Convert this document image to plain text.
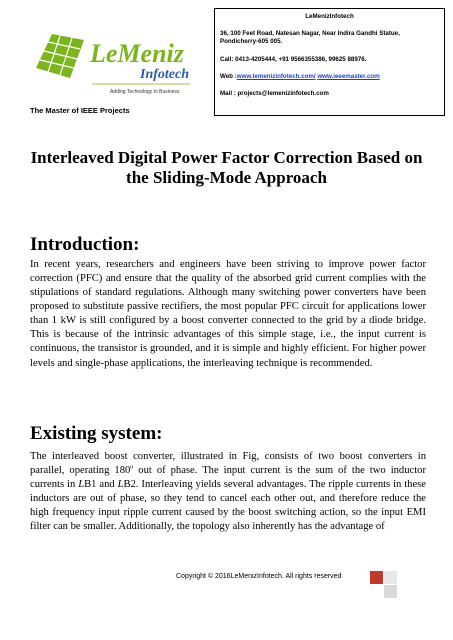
LeMeniz
Infotech
Adding Technology to Business
The Master of IEEE Projects
LeMenizInfotech
36, 100 Feet Road, Natesan Nagar, Near Indira Gandhi Statue, Pondicherry-605 005.
Call: 0413-4205444, +91 9566355386, 99625 88976.
Web :www.lemenizinfotech.com/ www.ieeemaster.com
Mail : projects@lemenizinfotech.com
Interleaved Digital Power Factor Correction Based on the Sliding-Mode Approach
Introduction:
In recent years, researchers and engineers have been striving to improve power factor correction (PFC) and ensure that the quality of the absorbed grid current complies with the stipulations of standard regulations. Although many switching power converters have been proposed to substitute passive rectifiers, the most popular PFC circuit for applications lower than 1 kW is still configured by a boost converter connected to the grid by a diode bridge. This is because of the intrinsic advantages of this simple stage, i.e., the input current is continuous, the transistor is grounded, and it is simple and highly efficient. For higher power levels and single-phase applications, the interleaving technique is recommended.
Existing system:
The interleaved boost converter, illustrated in Fig, consists of two boost converters in parallel, operating 180$^o$ out of phase. The input current is the sum of the two inductor currents in LB1 and LB2. Interleaving yields several advantages. The ripple currents in these inductors are out of phase, so they tend to cancel each other out, and therefore reduce the high frequency input ripple current caused by the boost switching action, so the input EMI filter can be smaller. Additionally, the topology also inherently has the advantage of
Copyright © 2016LeMenizInfotech. All rights reserved
